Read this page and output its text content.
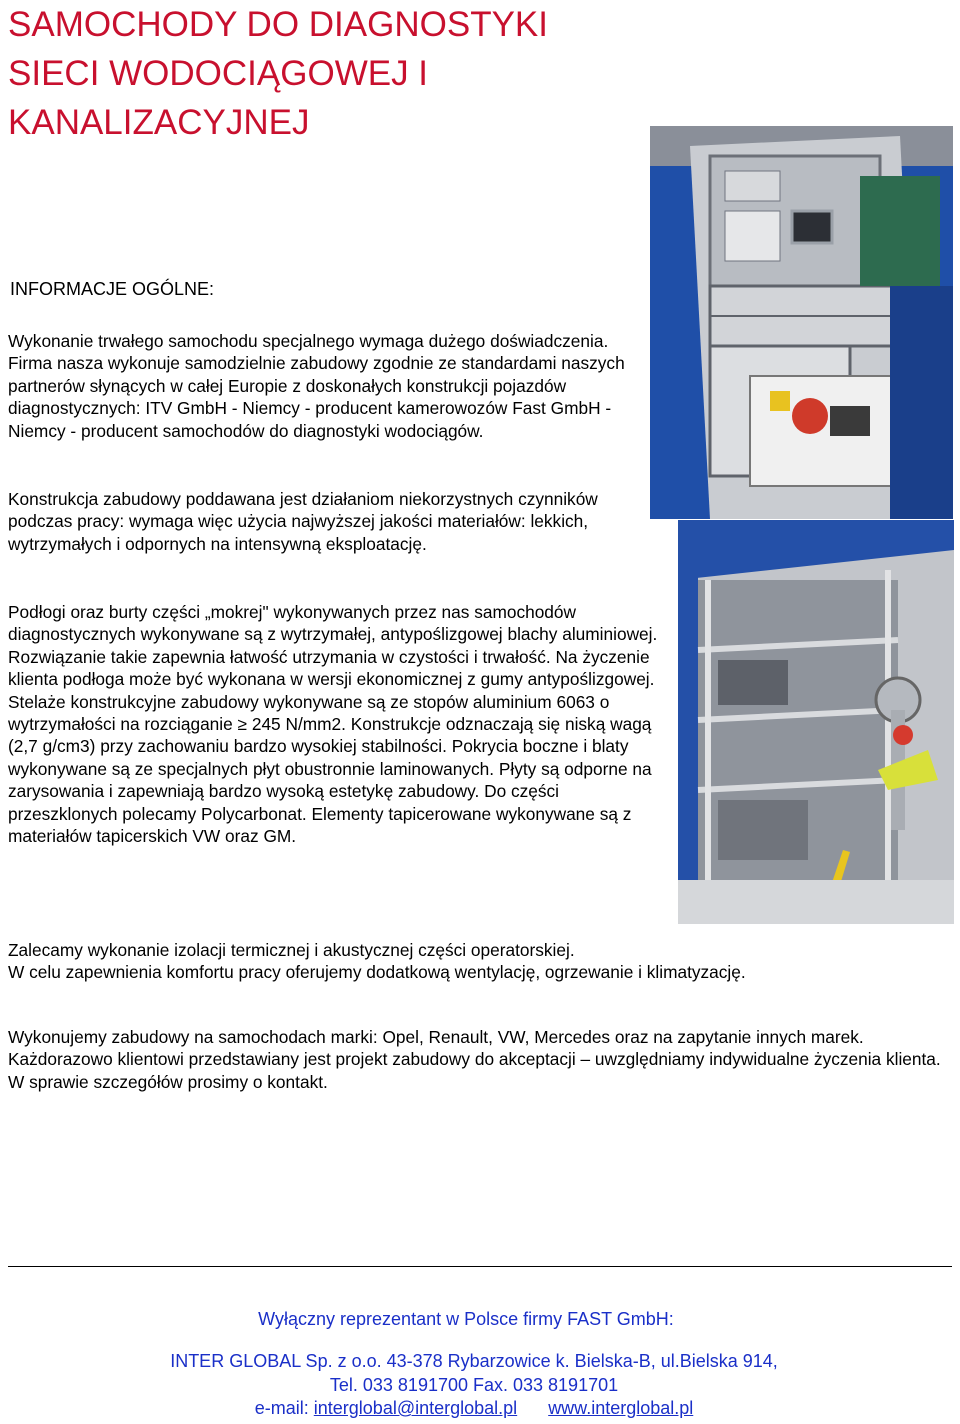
SAMOCHODY DO DIAGNOSTYKI
SIECI WODOCIĄGOWEJ I
KANALIZACYJNEJ
INFORMACJE OGÓLNE:

Wykonanie trwałego samochodu specjalnego wymaga dużego doświadczenia. Firma nasza wykonuje samodzielnie zabudowy zgodnie ze standardami naszych partnerów słynących w całej Europie z doskonałych konstrukcji pojazdów diagnostycznych: ITV GmbH - Niemcy - producent kamerowozów Fast GmbH -Niemcy - producent samochodów do diagnostyki wodociągów.

Konstrukcja zabudowy poddawana jest działaniom niekorzystnych czynników podczas pracy: wymaga więc użycia najwyższej jakości materiałów: lekkich, wytrzymałych i odpornych na intensywną eksploatację.

Podłogi oraz burty części „mokrej" wykonywanych przez nas samochodów diagnostycznych wykonywane są z wytrzymałej, antypoślizgowej blachy aluminiowej. Rozwiązanie takie zapewnia łatwość utrzymania w czystości i trwałość. Na życzenie klienta podłoga może być wykonana w wersji ekonomicznej z gumy antypoślizgowej. Stelaże konstrukcyjne zabudowy wykonywane są ze stopów aluminium 6063 o wytrzymałości na rozciąganie ≥ 245 N/mm2. Konstrukcje odznaczają się niską wagą (2,7 g/cm3) przy zachowaniu bardzo wysokiej stabilności. Pokrycia boczne i blaty wykonywane są ze specjalnych płyt obustronnie laminowanych. Płyty są odporne na zarysowania i zapewniają bardzo wysoką estetykę zabudowy. Do części przeszklonych polecamy Polycarbonat. Elementy tapicerowane wykonywane są z materiałów tapicerskich VW oraz GM.

Zalecamy wykonanie izolacji termicznej i akustycznej części operatorskiej.
W celu zapewnienia komfortu pracy oferujemy dodatkową wentylację, ogrzewanie i klimatyzację.

Wykonujemy zabudowy na samochodach marki: Opel, Renault, VW, Mercedes oraz na zapytanie innych marek. Każdorazowo klientowi przedstawiany jest projekt zabudowy do akceptacji – uwzględniamy indywidualne życzenia klienta. W sprawie szczegółów prosimy o kontakt.

Wyłączny reprezentant w Polsce firmy FAST GmbH:
INTER GLOBAL Sp. z o.o. 43-378 Rybarzowice k. Bielska-B, ul.Bielska 914,
Tel. 033 8191700 Fax. 033 8191701
e-mail: interglobal@interglobal.pl www.interglobal.pl
